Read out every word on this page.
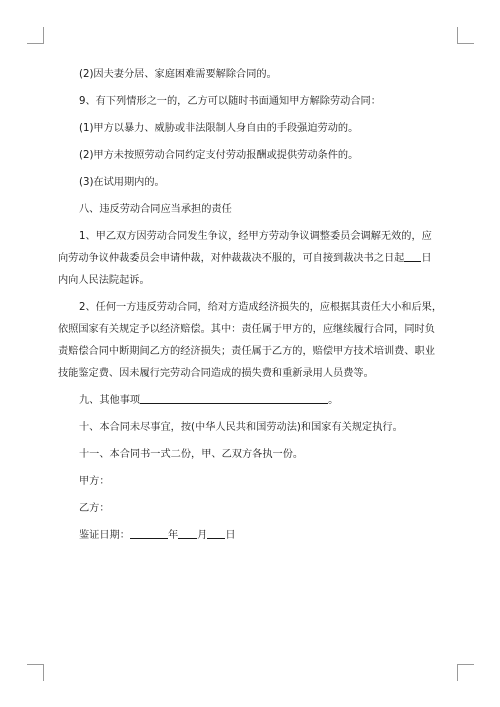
(2)因夫妻分居、家庭困难需要解除合同的。
9、有下列情形之一的，乙方可以随时书面通知甲方解除劳动合同：
(1)甲方以暴力、威胁或非法限制人身自由的手段强迫劳动的。
(2)甲方未按照劳动合同约定支付劳动报酬或提供劳动条件的。
(3)在试用期内的。
八、违反劳动合同应当承担的责任
1、甲乙双方因劳动合同发生争议，经甲方劳动争议调整委员会调解无效的，应
向劳动争议仲裁委员会申请仲裁，对仲裁裁决不服的，可自接到裁决书之日起 日
内向人民法院起诉。
2、任何一方违反劳动合同，给对方造成经济损失的，应根据其责任大小和后果，
依照国家有关规定予以经济赔偿。其中：责任属于甲方的，应继续履行合同，同时负
责赔偿合同中断期间乙方的经济损失；责任属于乙方的，赔偿甲方技术培训费、职业
技能鉴定费、因未履行完劳动合同造成的损失费和重新录用人员费等。
九、其他事项	。
十、本合同未尽事宜，按(中华人民共和国劳动法)和国家有关规定执行。
十一、本合同书一式二份，甲、乙双方各执一份。
甲方：
乙方：
鉴证日期：	年 月 日
